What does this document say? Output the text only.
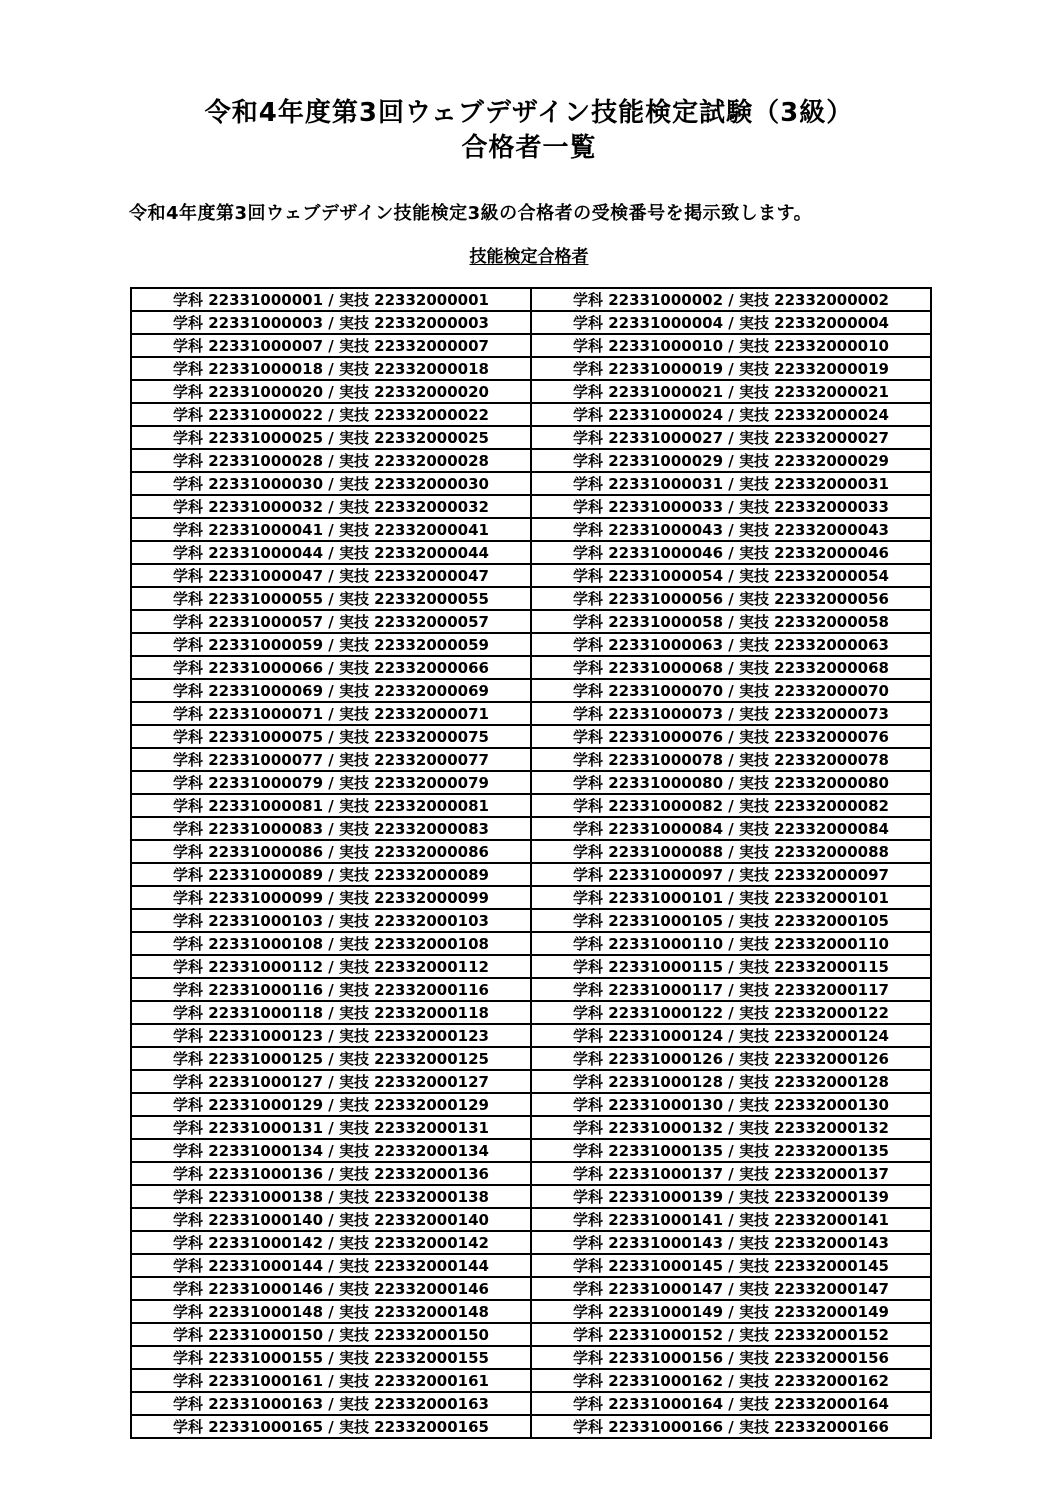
令和4年度第3回ウェブデザイン技能検定試験（3級）
合格者一覧

令和4年度第3回ウェブデザイン技能検定3級の合格者の受検番号を掲示致します。

技能検定合格者
学科 22331000001 / 実技 22332000001	学科 22331000002 / 実技 22332000002
学科 22331000003 / 実技 22332000003	学科 22331000004 / 実技 22332000004
学科 22331000007 / 実技 22332000007	学科 22331000010 / 実技 22332000010
学科 22331000018 / 実技 22332000018	学科 22331000019 / 実技 22332000019
学科 22331000020 / 実技 22332000020	学科 22331000021 / 実技 22332000021
学科 22331000022 / 実技 22332000022	学科 22331000024 / 実技 22332000024
学科 22331000025 / 実技 22332000025	学科 22331000027 / 実技 22332000027
学科 22331000028 / 実技 22332000028	学科 22331000029 / 実技 22332000029
学科 22331000030 / 実技 22332000030	学科 22331000031 / 実技 22332000031
学科 22331000032 / 実技 22332000032	学科 22331000033 / 実技 22332000033
学科 22331000041 / 実技 22332000041	学科 22331000043 / 実技 22332000043
学科 22331000044 / 実技 22332000044	学科 22331000046 / 実技 22332000046
学科 22331000047 / 実技 22332000047	学科 22331000054 / 実技 22332000054
学科 22331000055 / 実技 22332000055	学科 22331000056 / 実技 22332000056
学科 22331000057 / 実技 22332000057	学科 22331000058 / 実技 22332000058
学科 22331000059 / 実技 22332000059	学科 22331000063 / 実技 22332000063
学科 22331000066 / 実技 22332000066	学科 22331000068 / 実技 22332000068
学科 22331000069 / 実技 22332000069	学科 22331000070 / 実技 22332000070
学科 22331000071 / 実技 22332000071	学科 22331000073 / 実技 22332000073
学科 22331000075 / 実技 22332000075	学科 22331000076 / 実技 22332000076
学科 22331000077 / 実技 22332000077	学科 22331000078 / 実技 22332000078
学科 22331000079 / 実技 22332000079	学科 22331000080 / 実技 22332000080
学科 22331000081 / 実技 22332000081	学科 22331000082 / 実技 22332000082
学科 22331000083 / 実技 22332000083	学科 22331000084 / 実技 22332000084
学科 22331000086 / 実技 22332000086	学科 22331000088 / 実技 22332000088
学科 22331000089 / 実技 22332000089	学科 22331000097 / 実技 22332000097
学科 22331000099 / 実技 22332000099	学科 22331000101 / 実技 22332000101
学科 22331000103 / 実技 22332000103	学科 22331000105 / 実技 22332000105
学科 22331000108 / 実技 22332000108	学科 22331000110 / 実技 22332000110
学科 22331000112 / 実技 22332000112	学科 22331000115 / 実技 22332000115
学科 22331000116 / 実技 22332000116	学科 22331000117 / 実技 22332000117
学科 22331000118 / 実技 22332000118	学科 22331000122 / 実技 22332000122
学科 22331000123 / 実技 22332000123	学科 22331000124 / 実技 22332000124
学科 22331000125 / 実技 22332000125	学科 22331000126 / 実技 22332000126
学科 22331000127 / 実技 22332000127	学科 22331000128 / 実技 22332000128
学科 22331000129 / 実技 22332000129	学科 22331000130 / 実技 22332000130
学科 22331000131 / 実技 22332000131	学科 22331000132 / 実技 22332000132
学科 22331000134 / 実技 22332000134	学科 22331000135 / 実技 22332000135
学科 22331000136 / 実技 22332000136	学科 22331000137 / 実技 22332000137
学科 22331000138 / 実技 22332000138	学科 22331000139 / 実技 22332000139
学科 22331000140 / 実技 22332000140	学科 22331000141 / 実技 22332000141
学科 22331000142 / 実技 22332000142	学科 22331000143 / 実技 22332000143
学科 22331000144 / 実技 22332000144	学科 22331000145 / 実技 22332000145
学科 22331000146 / 実技 22332000146	学科 22331000147 / 実技 22332000147
学科 22331000148 / 実技 22332000148	学科 22331000149 / 実技 22332000149
学科 22331000150 / 実技 22332000150	学科 22331000152 / 実技 22332000152
学科 22331000155 / 実技 22332000155	学科 22331000156 / 実技 22332000156
学科 22331000161 / 実技 22332000161	学科 22331000162 / 実技 22332000162
学科 22331000163 / 実技 22332000163	学科 22331000164 / 実技 22332000164
学科 22331000165 / 実技 22332000165	学科 22331000166 / 実技 22332000166
